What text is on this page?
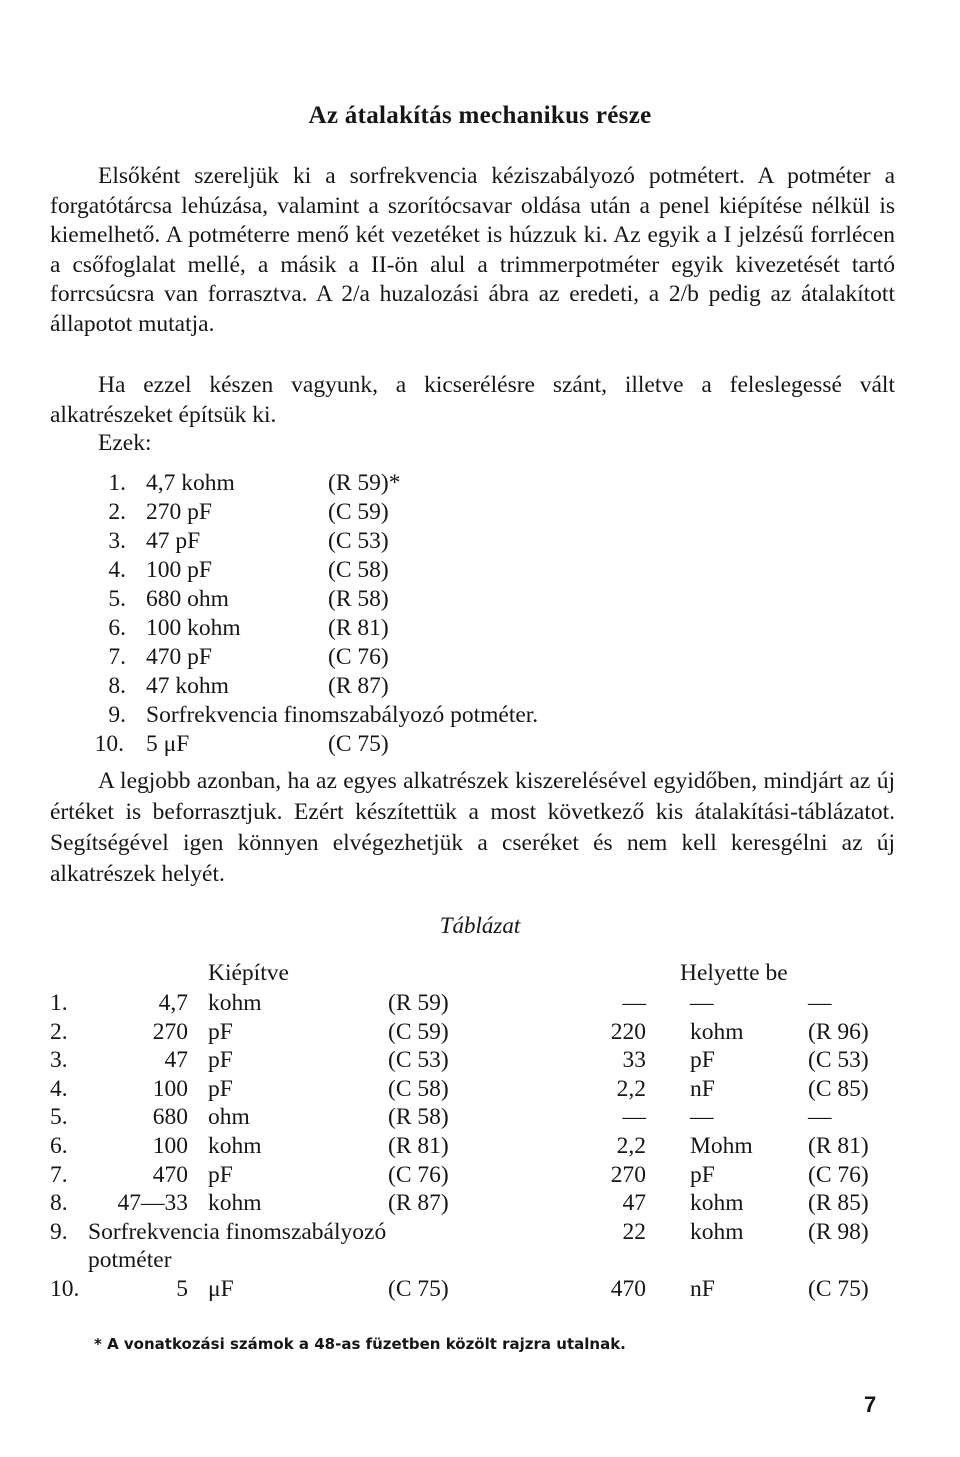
Az átalakítás mechanikus része
Elsőként szereljük ki a sorfrekvencia kéziszabályozó potmétert. A potméter a forgatótárcsa lehúzása, valamint a szorítócsavar oldása után a penel kiépítése nélkül is kiemelhető. A potméterre menő két vezetéket is húzzuk ki. Az egyik a I jelzésű forrlécen a csőfoglalat mellé, a másik a II-ön alul a trimmerpotméter egyik kivezetését tartó forrcsúcsra van forrasztva. A 2/a huzalozási ábra az eredeti, a 2/b pedig az átalakított állapotot mutatja.
Ha ezzel készen vagyunk, a kicserélésre szánt, illetve a feleslegessé vált alkatrészeket építsük ki.
Ezek:
1. 4,7 kohm	(R 59)*
2. 270 pF	(C 59)
3. 47 pF	(C 53)
4. 100 pF	(C 58)
5. 680 ohm	(R 58)
6. 100 kohm	(R 81)
7. 470 pF	(C 76)
8. 47 kohm	(R 87)
9. Sorfrekvencia finomszabályozó potméter.
10. 5 μF	(C 75)
A legjobb azonban, ha az egyes alkatrészek kiszerelésével egyidőben, mindjárt az új értéket is beforrasztjuk. Ezért készítettük a most következő kis átalakítási-táblázatot. Segítségével igen könnyen elvégezhetjük a cseréket és nem kell keresgélni az új alkatrészek helyét.
Táblázat
Kiépítve	Helyette be
1.	4,7 kohm	(R 59)	— —	—
2.	270 pF	(C 59)	220 kohm	(R 96)
3.	47 pF	(C 53)	33 pF	(C 53)
4.	100 pF	(C 58)	2,2 nF	(C 85)
5.	680 ohm	(R 58)	— —	—
6.	100 kohm	(R 81)	2,2 Mohm (R 81)
7.	470 pF	(C 76)	270 pF	(C 76)
8.	47—33 kohm	(R 87)	47 kohm	(R 85)
9. Sorfrekvencia finomszabályozó	22 kohm	(R 98)
potméter
10.	5 μF	(C 75)	470 nF	(C 75)
* A vonatkozási számok a 48-as füzetben közölt rajzra utalnak.
7
